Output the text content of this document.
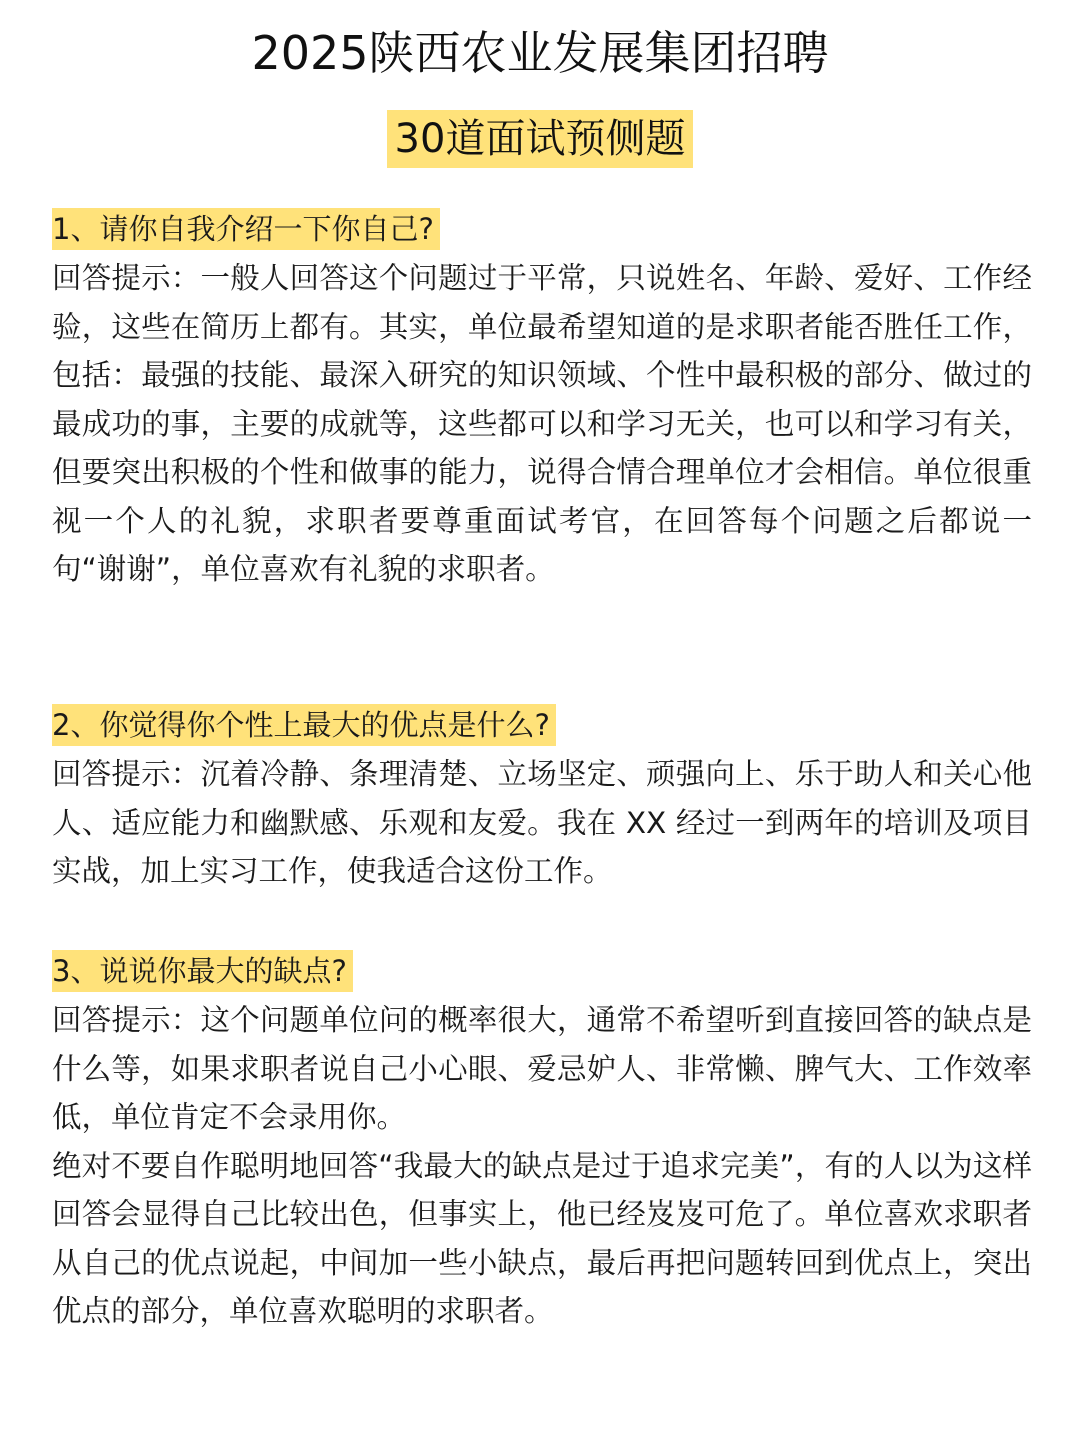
2025陕西农业发展集团招聘
30道面试预侧题
1、请你自我介绍一下你自己?

回答提示：一般人回答这个问题过于平常，只说姓名、年龄、爱好、工作经验，这些在简历上都有。其实，单位最希望知道的是求职者能否胜任工作，包括：最强的技能、最深入研究的知识领域、个性中最积极的部分、做过的最成功的事，主要的成就等，这些都可以和学习无关，也可以和学习有关，但要突出积极的个性和做事的能力，说得合情合理单位才会相信。单位很重视一个人的礼貌，求职者要尊重面试考官，在回答每个问题之后都说一句“谢谢”，单位喜欢有礼貌的求职者。

2、你觉得你个性上最大的优点是什么?

回答提示：沉着冷静、条理清楚、立场坚定、顽强向上、乐于助人和关心他人、适应能力和幽默感、乐观和友爱。我在 XX 经过一到两年的培训及项目实战，加上实习工作，使我适合这份工作。

3、说说你最大的缺点?

回答提示：这个问题单位问的概率很大，通常不希望听到直接回答的缺点是什么等，如果求职者说自己小心眼、爱忌妒人、非常懒、脾气大、工作效率低，单位肯定不会录用你。

绝对不要自作聪明地回答“我最大的缺点是过于追求完美”，有的人以为这样回答会显得自己比较出色，但事实上，他已经岌岌可危了。单位喜欢求职者从自己的优点说起，中间加一些小缺点，最后再把问题转回到优点上，突出优点的部分，单位喜欢聪明的求职者。
